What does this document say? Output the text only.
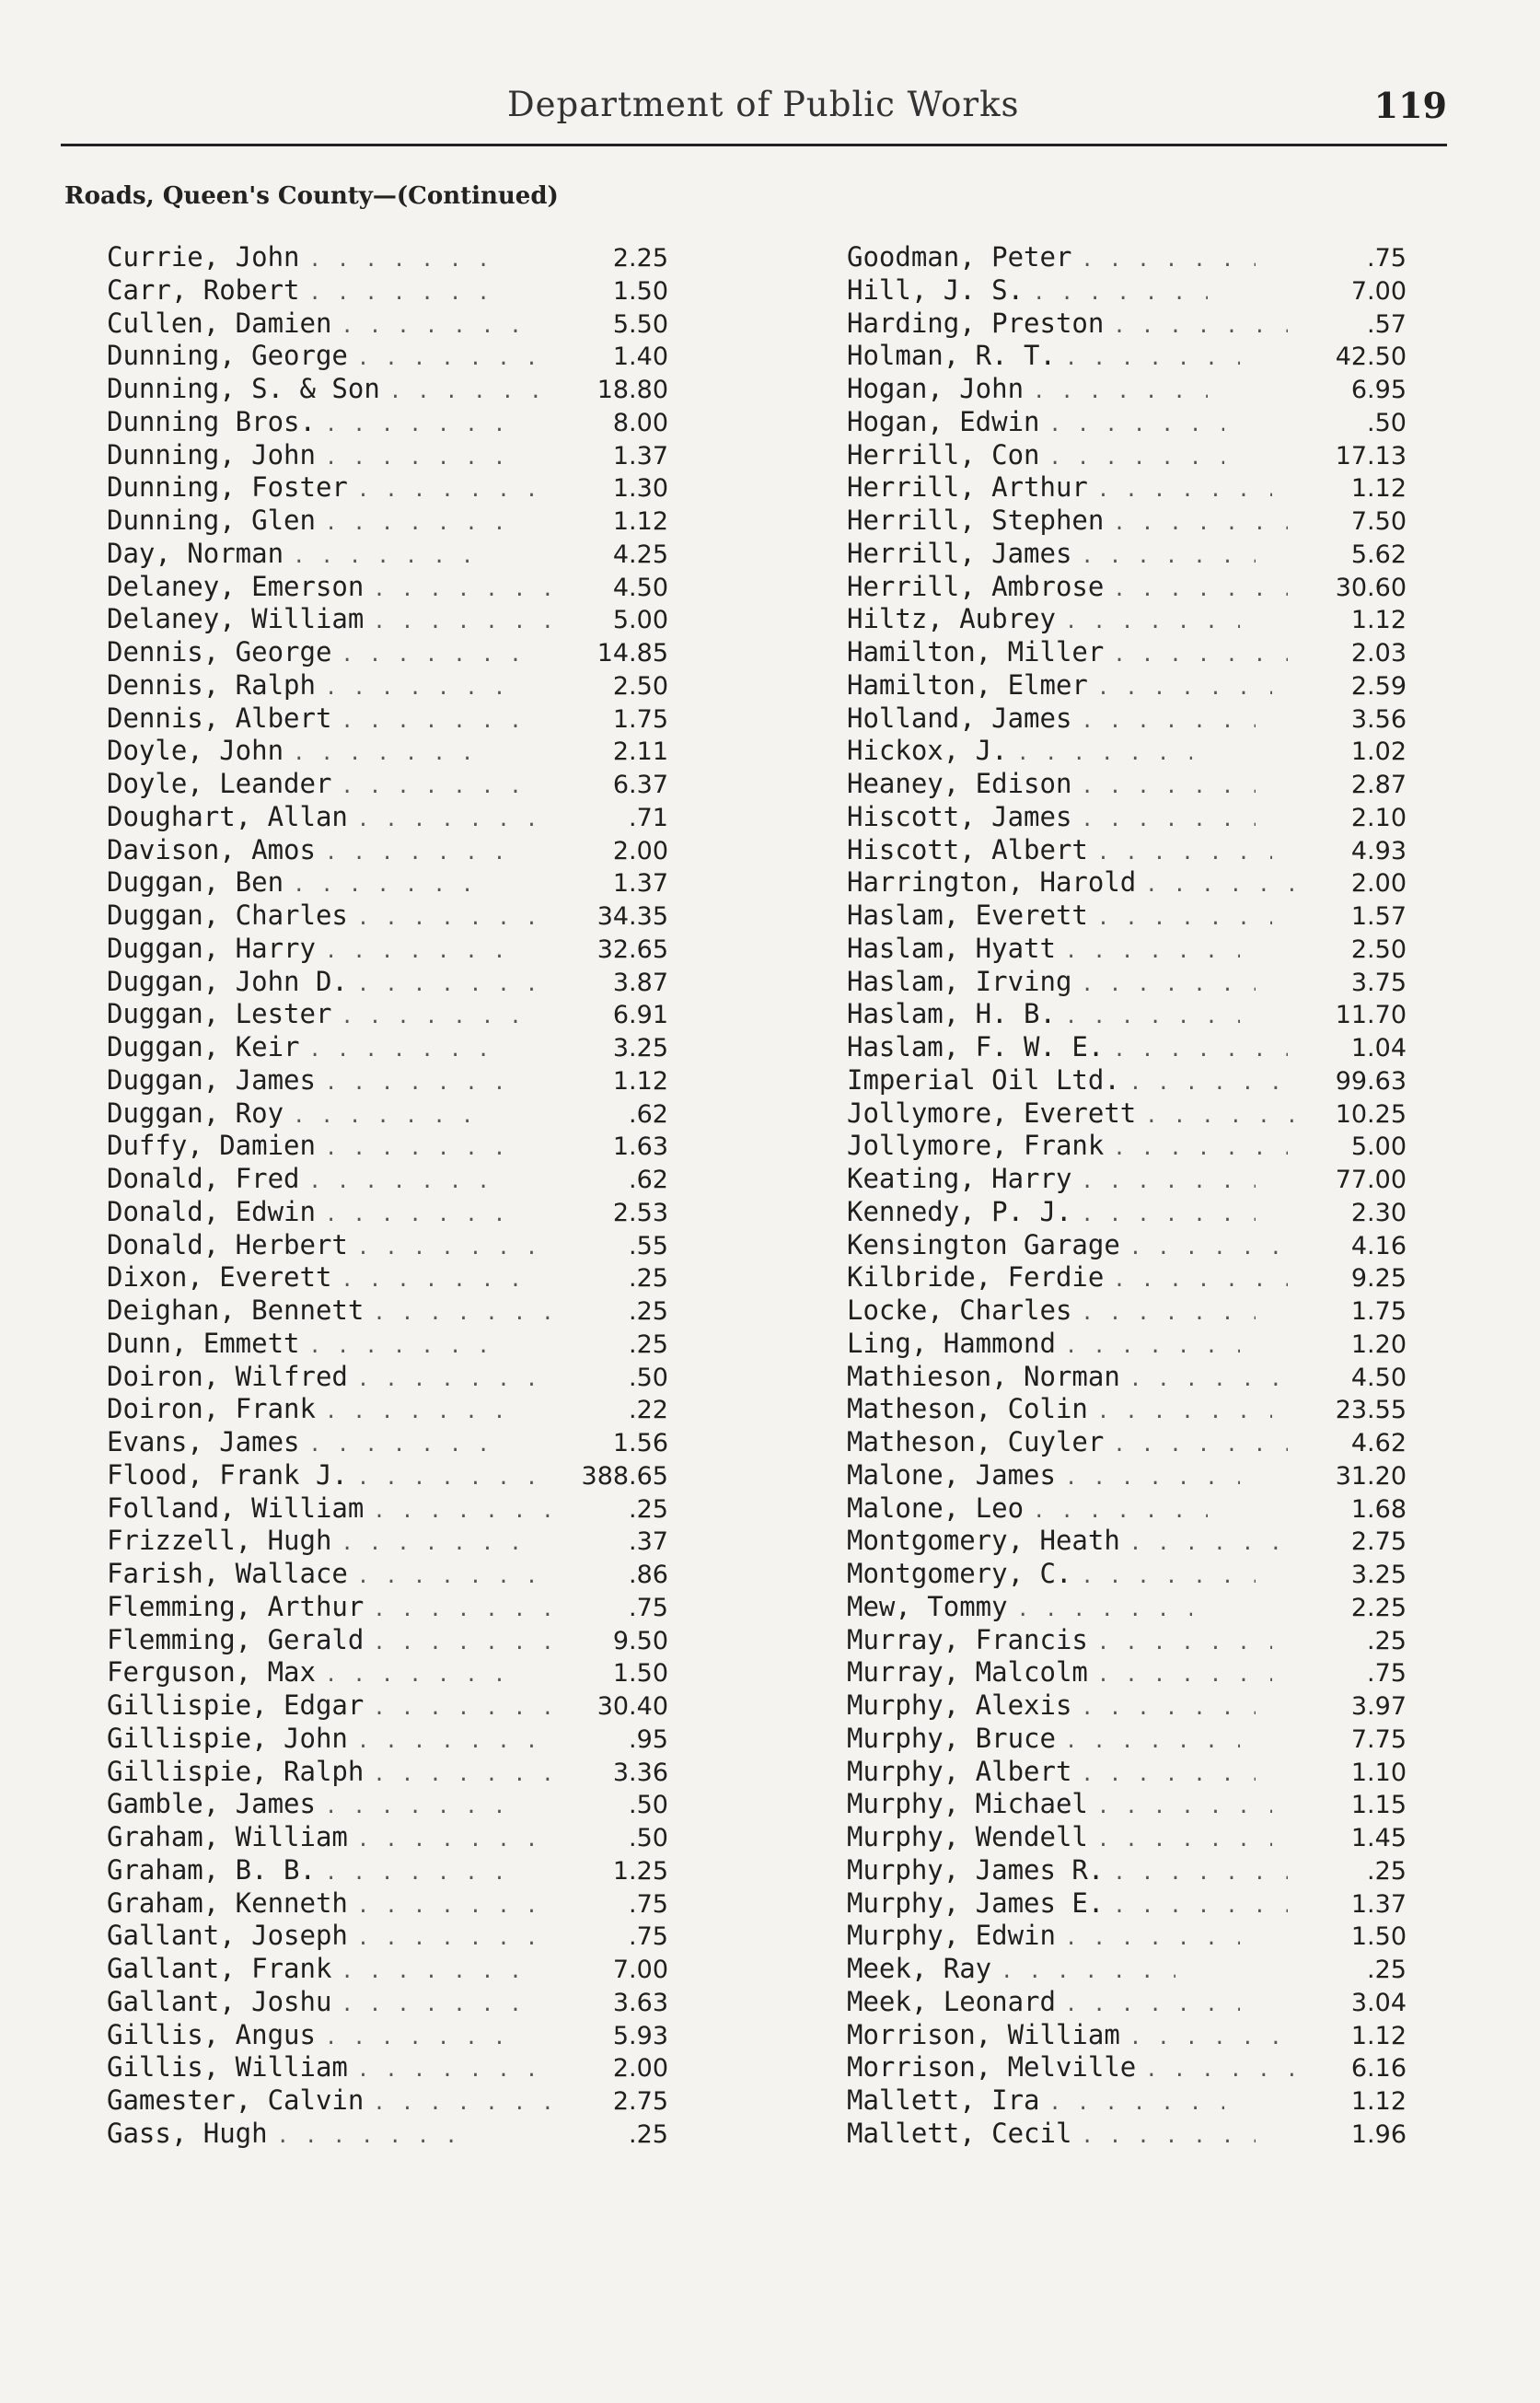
Department of Public Works	119
Roads, Queen's County—(Continued)
Currie, John . . .	2.25
Carr, Robert . . .	1.50
Cullen, Damien . . .	5.50
Dunning, George . . .	1.40
Dunning, S. & Son . . .	18.80
Dunning Bros. . . .	8.00
Dunning, John . . .	1.37
Dunning, Foster . . .	1.30
Dunning, Glen . . .	1.12
Day, Norman . . .	4.25
Delaney, Emerson . . .	4.50
Delaney, William . . .	5.00
Dennis, George . . .	14.85
Dennis, Ralph . . .	2.50
Dennis, Albert . . .	1.75
Doyle, John . . .	2.11
Doyle, Leander . . .	6.37
Doughart, Allan . . .	.71
Davison, Amos . . .	2.00
Duggan, Ben . . .	1.37
Duggan, Charles . . .	34.35
Duggan, Harry . . .	32.65
Duggan, John D. . . .	3.87
Duggan, Lester . . .	6.91
Duggan, Keir . . .	3.25
Duggan, James . . .	1.12
Duggan, Roy . . .	.62
Duffy, Damien . . .	1.63
Donald, Fred . . .	.62
Donald, Edwin . . .	2.53
Donald, Herbert . . .	.55
Dixon, Everett . . .	.25
Deighan, Bennett . . .	.25
Dunn, Emmett . . .	.25
Doiron, Wilfred . . .	.50
Doiron, Frank . . .	.22
Evans, James . . .	1.56
Flood, Frank J. . . .	388.65
Folland, William . . .	.25
Frizzell, Hugh . . .	.37
Farish, Wallace . . .	.86
Flemming, Arthur . . .	.75
Flemming, Gerald . . .	9.50
Ferguson, Max . . .	1.50
Gillispie, Edgar . . .	30.40
Gillispie, John . . .	.95
Gillispie, Ralph . . .	3.36
Gamble, James . . .	.50
Graham, William . . .	.50
Graham, B. B. . . .	1.25
Graham, Kenneth . . .	.75
Gallant, Joseph . . .	.75
Gallant, Frank . . .	7.00
Gallant, Joshu . . .	3.63
Gillis, Angus . . .	5.93
Gillis, William . . .	2.00
Gamester, Calvin . . .	2.75
Gass, Hugh . . .	.25
Goodman, Peter . . .	.75
Hill, J. S. . . .	7.00
Harding, Preston . . .	.57
Holman, R. T. . . .	42.50
Hogan, John . . .	6.95
Hogan, Edwin . . .	.50
Herrill, Con . . .	17.13
Herrill, Arthur . . .	1.12
Herrill, Stephen . . .	7.50
Herrill, James . . .	5.62
Herrill, Ambrose . . .	30.60
Hiltz, Aubrey . . .	1.12
Hamilton, Miller . . .	2.03
Hamilton, Elmer . . .	2.59
Holland, James . . .	3.56
Hickox, J. . . .	1.02
Heaney, Edison . . .	2.87
Hiscott, James . . .	2.10
Hiscott, Albert . . .	4.93
Harrington, Harold . . .	2.00
Haslam, Everett . . .	1.57
Haslam, Hyatt . . .	2.50
Haslam, Irving . . .	3.75
Haslam, H. B. . . .	11.70
Haslam, F. W. E. . . .	1.04
Imperial Oil Ltd. . . .	99.63
Jollymore, Everett . . .	10.25
Jollymore, Frank . . .	5.00
Keating, Harry . . .	77.00
Kennedy, P. J. . . .	2.30
Kensington Garage . . .	4.16
Kilbride, Ferdie . . .	9.25
Locke, Charles . . .	1.75
Ling, Hammond . . .	1.20
Mathieson, Norman . . .	4.50
Matheson, Colin . . .	23.55
Matheson, Cuyler . . .	4.62
Malone, James . . .	31.20
Malone, Leo . . .	1.68
Montgomery, Heath . . .	2.75
Montgomery, C. . . .	3.25
Mew, Tommy . . .	2.25
Murray, Francis . . .	.25
Murray, Malcolm . . .	.75
Murphy, Alexis . . .	3.97
Murphy, Bruce . . .	7.75
Murphy, Albert . . .	1.10
Murphy, Michael . . .	1.15
Murphy, Wendell . . .	1.45
Murphy, James R. . . .	.25
Murphy, James E. . . .	1.37
Murphy, Edwin . . .	1.50
Meek, Ray . . .	.25
Meek, Leonard . . .	3.04
Morrison, William . . .	1.12
Morrison, Melville . . .	6.16
Mallett, Ira . . .	1.12
Mallett, Cecil . . .	1.96
